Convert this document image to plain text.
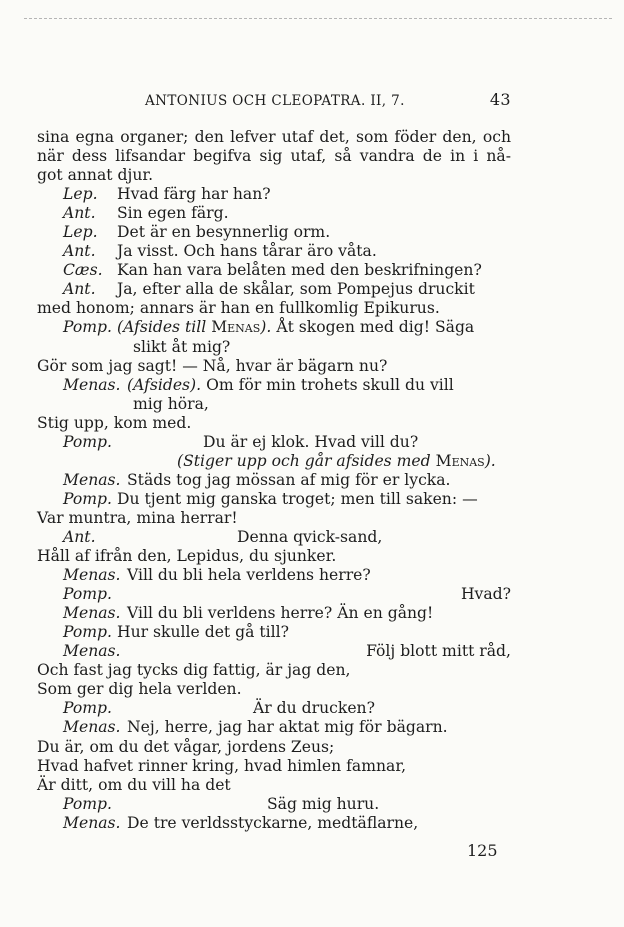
ANTONIUS OCH CLEOPATRA. II, 7.	43
sina egna organer; den lefver utaf det, som föder den, och
när dess lifsandar begifva sig utaf, så vandra de in i nå-
got annat djur.
Lep. Hvad färg har han?
Ant. Sin egen färg.
Lep. Det är en besynnerlig orm.
Ant. Ja visst. Och hans tårar äro våta.
Cæs. Kan han vara belåten med den beskrifningen?
Ant. Ja, efter alla de skålar, som Pompejus druckit
med honom; annars är han en fullkomlig Epikurus.
Pomp. (Afsides till Menas). Åt skogen med dig! Säga
slikt åt mig?
Gör som jag sagt! — Nå, hvar är bägarn nu?
Menas. (Afsides). Om för min trohets skull du vill
mig höra,
Stig upp, kom med.
Pomp.	Du är ej klok. Hvad vill du?
(Stiger upp och går afsides med Menas).
Menas. Städs tog jag mössan af mig för er lycka.
Pomp. Du tjent mig ganska troget; men till saken: —
Var muntra, mina herrar!
Ant.	Denna qvick-sand,
Håll af ifrån den, Lepidus, du sjunker.
Menas. Vill du bli hela verldens herre?
Pomp.	Hvad?
Menas. Vill du bli verldens herre? Än en gång!
Pomp. Hur skulle det gå till?
Menas.	Följ blott mitt råd,
Och fast jag tycks dig fattig, är jag den,
Som ger dig hela verlden.
Pomp.	Är du drucken?
Menas. Nej, herre, jag har aktat mig för bägarn.
Du är, om du det vågar, jordens Zeus;
Hvad hafvet rinner kring, hvad himlen famnar,
Är ditt, om du vill ha det
Pomp.	Säg mig huru.
Menas. De tre verldsstyckarne, medtäflarne,
125
